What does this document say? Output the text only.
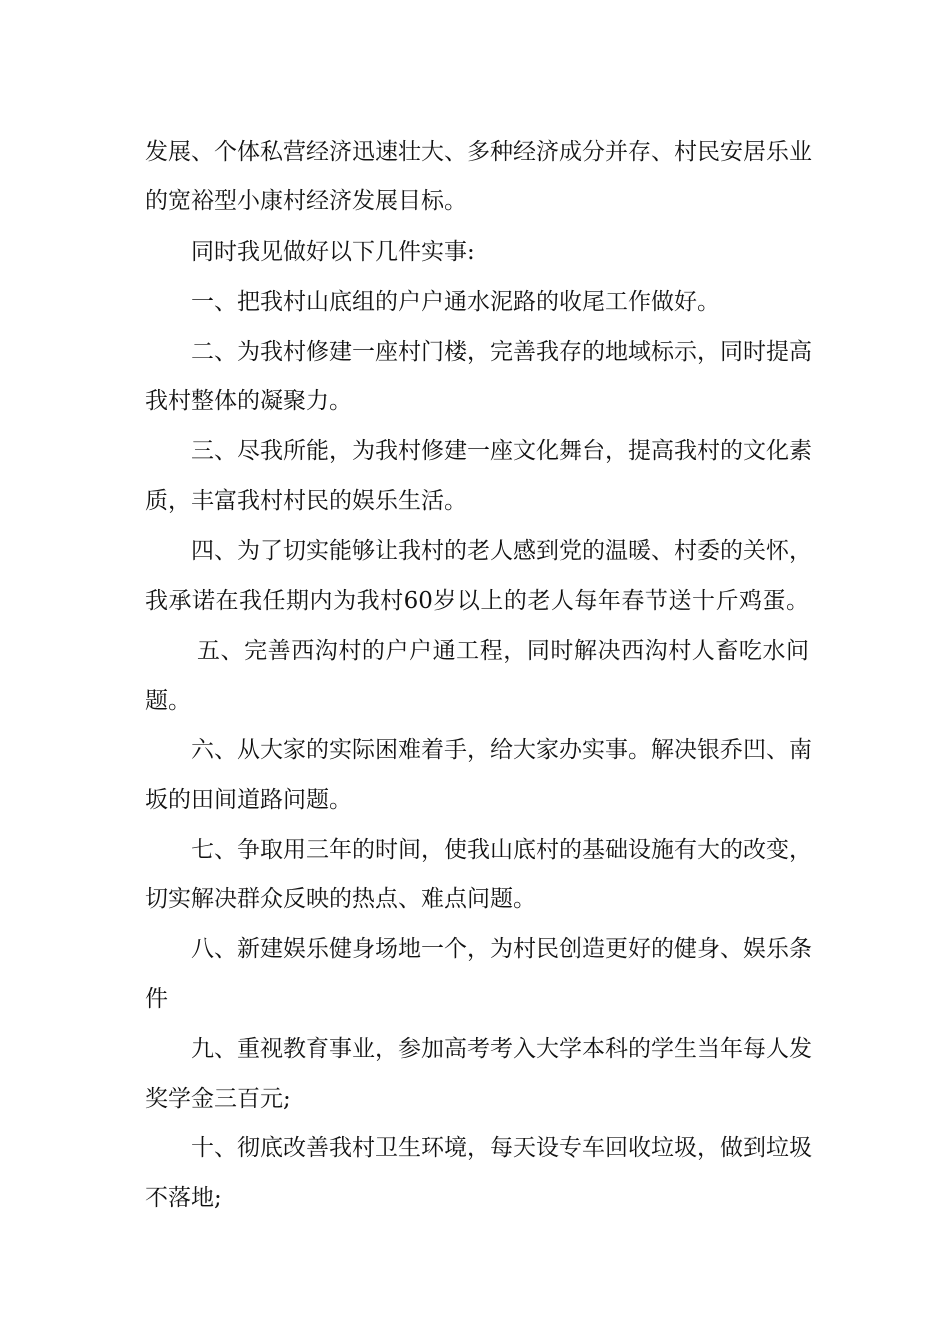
发展、个体私营经济迅速壮大、多种经济成分并存、村民安居乐业
的宽裕型小康村经济发展目标。
同时我见做好以下几件实事:
一、把我村山底组的户户通水泥路的收尾工作做好。
二、为我村修建一座村门楼，完善我存的地域标示，同时提高
我村整体的凝聚力。
三、尽我所能，为我村修建一座文化舞台，提高我村的文化素
质，丰富我村村民的娱乐生活。
四、为了切实能够让我村的老人感到党的温暖、村委的关怀，
我承诺在我任期内为我村60岁以上的老人每年春节送十斤鸡蛋。
五、完善西沟村的户户通工程，同时解决西沟村人畜吃水问
题。
六、从大家的实际困难着手，给大家办实事。解决银乔凹、南
坂的田间道路问题。
七、争取用三年的时间，使我山底村的基础设施有大的改变，
切实解决群众反映的热点、难点问题。
八、新建娱乐健身场地一个，为村民创造更好的健身、娱乐条
件
九、重视教育事业，参加高考考入大学本科的学生当年每人发
奖学金三百元;
十、彻底改善我村卫生环境，每天设专车回收垃圾，做到垃圾
不落地;
